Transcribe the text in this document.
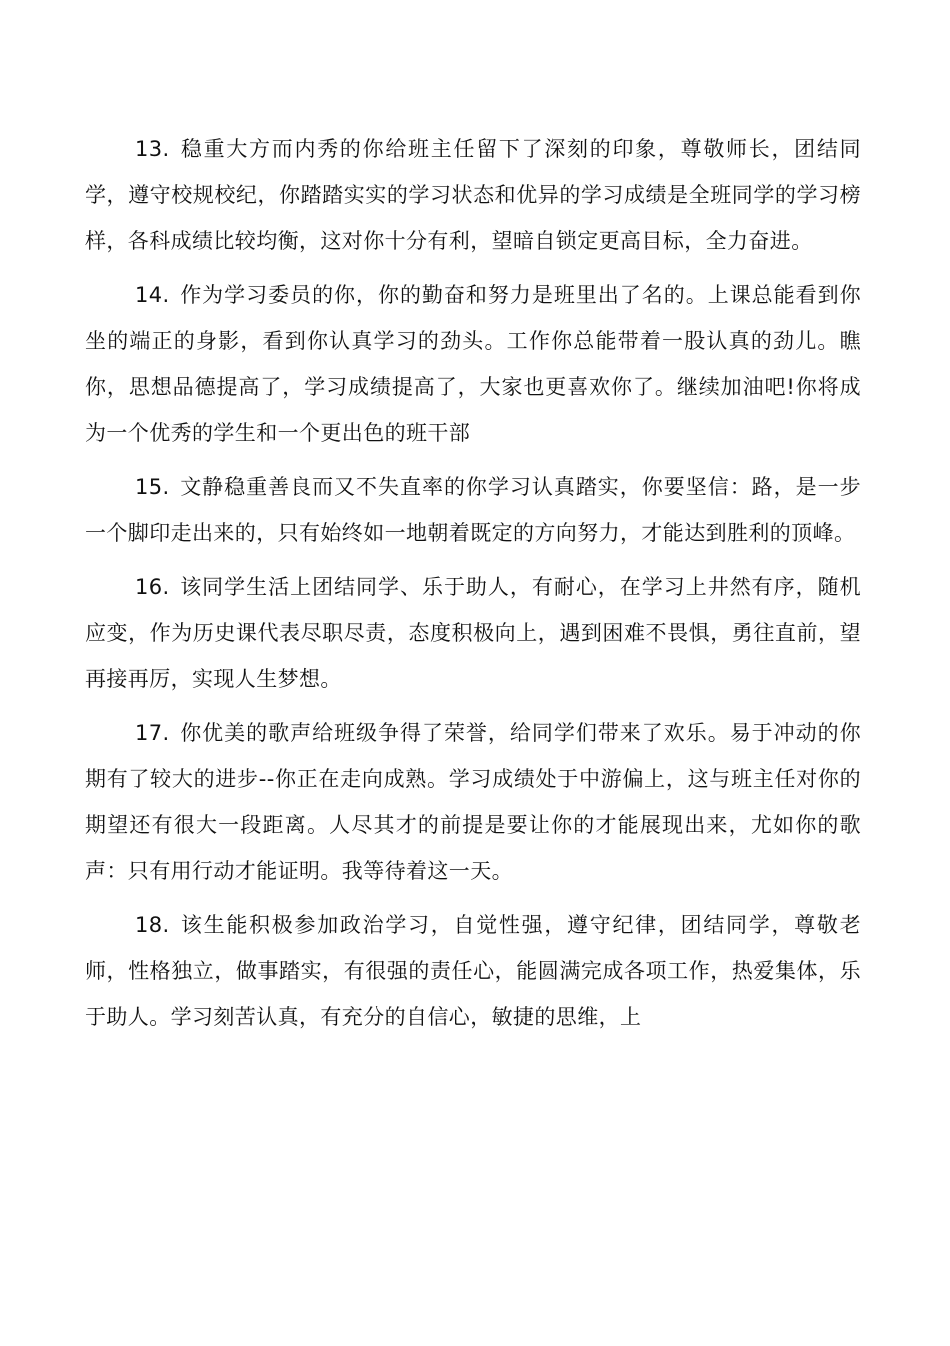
13. 稳重大方而内秀的你给班主任留下了深刻的印象，尊敬师长，团结同学，遵守校规校纪，你踏踏实实的学习状态和优异的学习成绩是全班同学的学习榜样，各科成绩比较均衡，这对你十分有利，望暗自锁定更高目标，全力奋进。

14. 作为学习委员的你，你的勤奋和努力是班里出了名的。上课总能看到你坐的端正的身影，看到你认真学习的劲头。工作你总能带着一股认真的劲儿。瞧你，思想品德提高了，学习成绩提高了，大家也更喜欢你了。继续加油吧!你将成为一个优秀的学生和一个更出色的班干部

15. 文静稳重善良而又不失直率的你学习认真踏实，你要坚信：路，是一步一个脚印走出来的，只有始终如一地朝着既定的方向努力，才能达到胜利的顶峰。

16. 该同学生活上团结同学、乐于助人，有耐心，在学习上井然有序，随机应变，作为历史课代表尽职尽责，态度积极向上，遇到困难不畏惧，勇往直前，望再接再厉，实现人生梦想。

17. 你优美的歌声给班级争得了荣誉，给同学们带来了欢乐。易于冲动的你期有了较大的进步--你正在走向成熟。学习成绩处于中游偏上，这与班主任对你的期望还有很大一段距离。人尽其才的前提是要让你的才能展现出来，尤如你的歌声：只有用行动才能证明。我等待着这一天。

18. 该生能积极参加政治学习，自觉性强，遵守纪律，团结同学，尊敬老师，性格独立，做事踏实，有很强的责任心，能圆满完成各项工作，热爱集体，乐于助人。学习刻苦认真，有充分的自信心，敏捷的思维，上
